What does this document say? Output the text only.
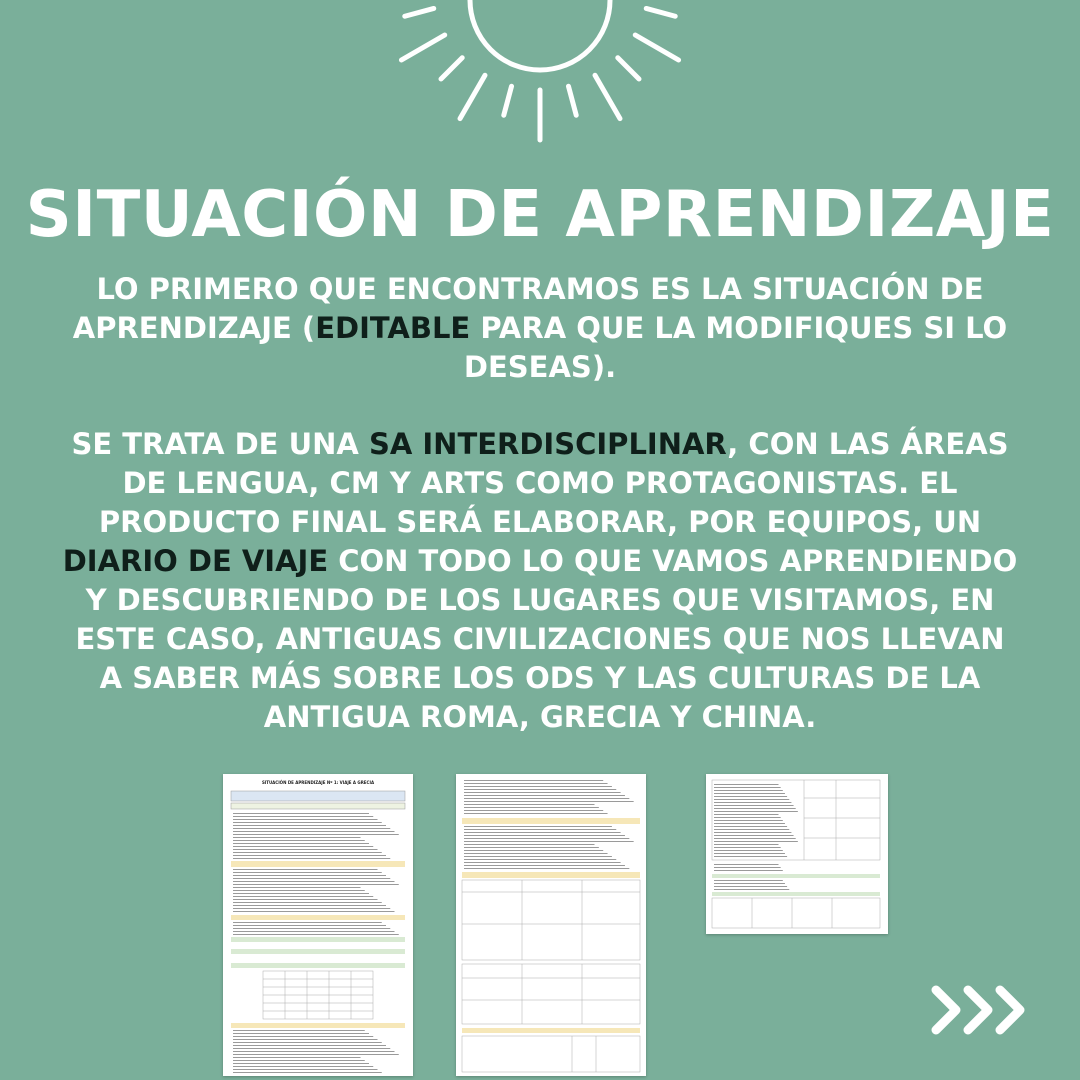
SITUACIÓN DE APRENDIZAJE

LO PRIMERO QUE ENCONTRAMOS ES LA SITUACIÓN DE APRENDIZAJE (EDITABLE PARA QUE LA MODIFIQUES SI LO DESEAS).

SE TRATA DE UNA SA INTERDISCIPLINAR, CON LAS ÁREAS DE LENGUA, CM Y ARTS COMO PROTAGONISTAS. EL PRODUCTO FINAL SERÁ ELABORAR, POR EQUIPOS, UN DIARIO DE VIAJE CON TODO LO QUE VAMOS APRENDIENDO Y DESCUBRIENDO DE LOS LUGARES QUE VISITAMOS, EN ESTE CASO, ANTIGUAS CIVILIZACIONES QUE NOS LLEVAN A SABER MÁS SOBRE LOS ODS Y LAS CULTURAS DE LA ANTIGUA ROMA, GRECIA Y CHINA.

SITUACIÓN DE APRENDIZAJE Nº 1: VIAJE A GRECIA
